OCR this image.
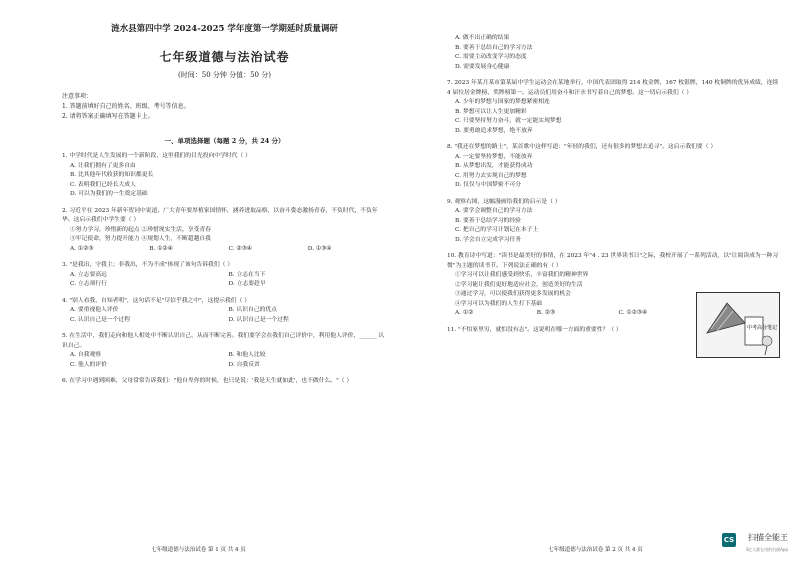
涟水县第四中学 2024-2025 学年度第一学期延时质量调研
七年级道德与法治试卷
(时间：50 分钟 分值：50 分)
注意事项：
1. 答题前填好自己的姓名、班级、考号等信息。
2. 请将答案正确填写在答题卡上。
一、单项选择题（每题 2 分，共 24 分）
1. 中学时代是人生发展的一个新阶段，这里我们的目光投向中学时代（ ）
A. 让我们拥有了更多自由
B. 比其他年代收获的知识都更长
C. 表明我们已经长大成人
D. 可以为我们的一生奠定基础
2. 习近平在 2023 年新年贺词中说道，广大青年要厚植家国情怀，涵养进取品格，以奋斗姿态激扬青春，不负时代，不负年华。这启示我们中学生要（ ）
①努力学习，珍惜新的起点 ②珍惜现实生活，享受青春
③牢记使命，努力提升能力 ④规划人生，不断超越自我
A. ①②③	B. ①②④	C. ②③④	D. ①③④
3. "是我出，守我主；非我出，不为不成"体现了该句告诉我们（ ）
A. 立志要高远	B. 立志在当下
C. 立志须行行	D. 立志要趁早
4. "别人看我，自知者明"，这句话不足"尽信乎我之中"，这提示我们（ ）
A. 要重视他人评价	B. 认识自己的优点
C. 认识自己是一个过程	D. 认识自己是一个过程
5. 在生活中，我们走向和他人相处中不断认识自己，从而不断完善。我们要学会在我们自己评价中，利用他人评价，______ 认识自己。
A. 自我观察	B. 和他人比较
C. 他人的评价	D. 自我反省
6. 在学习中遇到困难，父母常常告诉我们："他自卑你的时候，也只是说：'我是天生就如此'，也不做什么。"（ ）
七年级道德与法治试卷 第 1 页 共 4 页
A. 做不出正确的结果
B. 要善于总结自己的学习方法
C. 需要主动改变学习的态度
D. 需要发展身心健康
7. 2023 年某月某市第某届中学生运动会在某地举行，中国代表团取得 214 枚金牌，167 枚银牌，140 枚铜牌的优异成绩，连续 4 届位居金牌榜、奖牌榜第一。运动员们用奋斗和汗水书写着自己的梦想。这一切启示我们（ ）
A. 少年的梦想与国家的梦想紧密相连
B. 梦想可以让人生更加精彩
C. 只要坚持努力奋斗，就一定能实现梦想
D. 要勇敢追求梦想，绝不放弃
8. "我还在梦想的路上"，某首歌中这样写道："年轻的我们，还有很多的梦想去追寻"。这启示我们要（ ）
A. 一定要坚持梦想，不能放弃
B. 从梦想出发，才能获得成功
C. 用努力去实现自己的梦想
D. 仅仅与中国梦密不可分
9. 观察右图，这幅漫画给我们的启示是（ ）
A. 要学会调整自己的学习方法
B. 要善于总结学习的经验
C. 把自己的学习计划记在本子上
D. 学会自立完成学习任务
10. 教育诗中写道："读书是最美好的事情，在 2023 年"4 . 23 世界读书日"之际，我校开展了一系列活动，以"让阅读成为一种习惯"为主题的读书节。下列说法正确的有（ ）
①学习可以让我们感受到快乐，丰富我们的精神世界
②学习能让我们更好地适应社会，创造美好的生活
③通过学习，可以使我们获得更多发展的机会
④学习可以为我们的人生打下基础
A. ①②	B. ②③	C. ①②③④
11. "不怕家里穷，就怕没有志"。这说明在哪一方面的重要性？（ ）
七年级道德与法治试卷 第 2 页 共 4 页
中考高分笔记
CS 扫描全能王
3亿人都在用的扫描App
